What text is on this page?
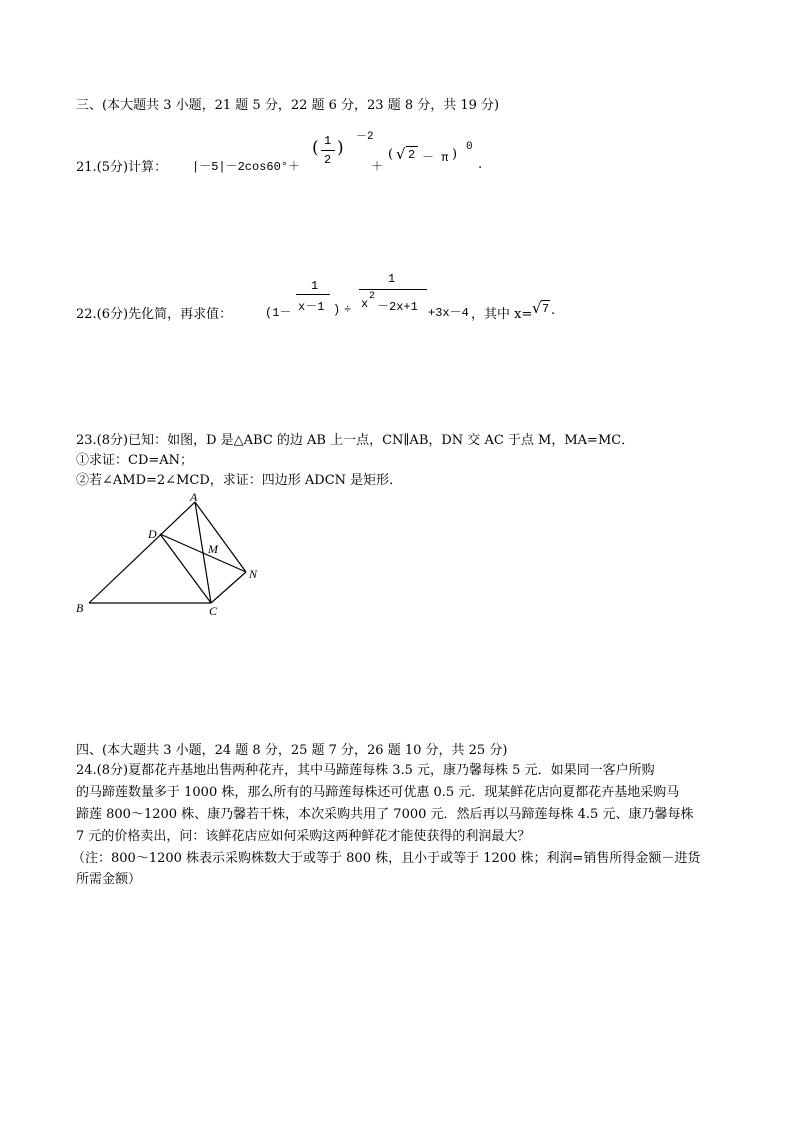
三、(本大题共 3 小题，21 题 5 分，22 题 6 分，23 题 8 分，共 19 分)
21.(5分)计算： |－5|－2cos60°＋
( 1
2
)
－2
＋
( √ 2 － π ) 0
.
22.(6分)先化简，再求值：	(1－
1
x－1 ) ÷
1
x
2
－2x+1 +3x－4 ，其中 x= √ 7 .
23.(8分)已知：如图，D 是△ABC 的边 AB 上一点，CN∥AB，DN 交 AC 于点 M，MA=MC．
①求证：CD=AN；
②若∠AMD=2∠MCD，求证：四边形 ADCN 是矩形．
A
D
M
N
B	C
四、(本大题共 3 小题，24 题 8 分，25 题 7 分，26 题 10 分，共 25 分)
24.(8分)夏都花卉基地出售两种花卉，其中马蹄莲每株 3.5 元，康乃馨每株 5 元．如果同一客户所购
的马蹄莲数量多于 1000 株，那么所有的马蹄莲每株还可优惠 0.5 元．现某鲜花店向夏都花卉基地采购马
蹄莲 800～1200 株、康乃馨若干株，本次采购共用了 7000 元．然后再以马蹄莲每株 4.5 元、康乃馨每株
7 元的价格卖出，问：该鲜花店应如何采购这两种鲜花才能使获得的利润最大？
（注：800～1200 株表示采购株数大于或等于 800 株，且小于或等于 1200 株；利润=销售所得金额－进货
所需金额）
